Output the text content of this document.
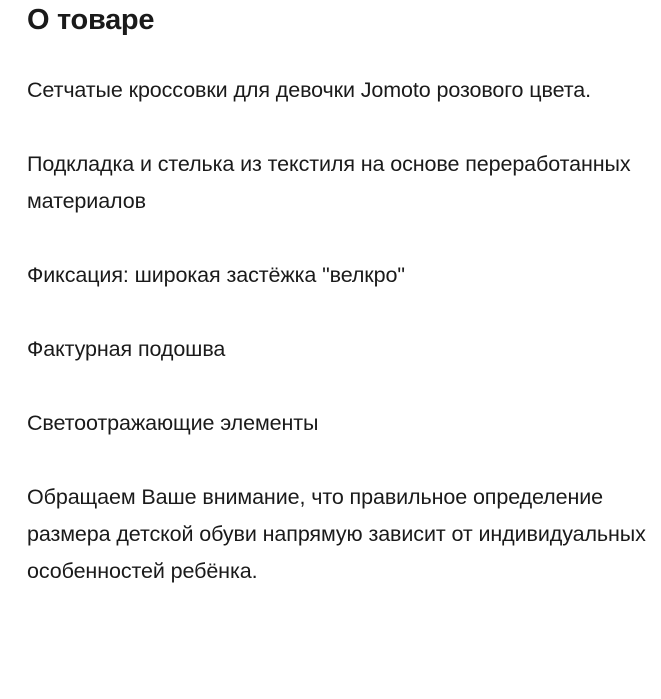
О товаре

Сетчатые кроссовки для девочки Jomoto розового цвета.

Подкладка и стелька из текстиля на основе переработанных материалов

Фиксация: широкая застёжка "велкро"

Фактурная подошва

Светоотражающие элементы

Обращаем Ваше внимание, что правильное определение размера детской обуви напрямую зависит от индивидуальных особенностей ребёнка.
